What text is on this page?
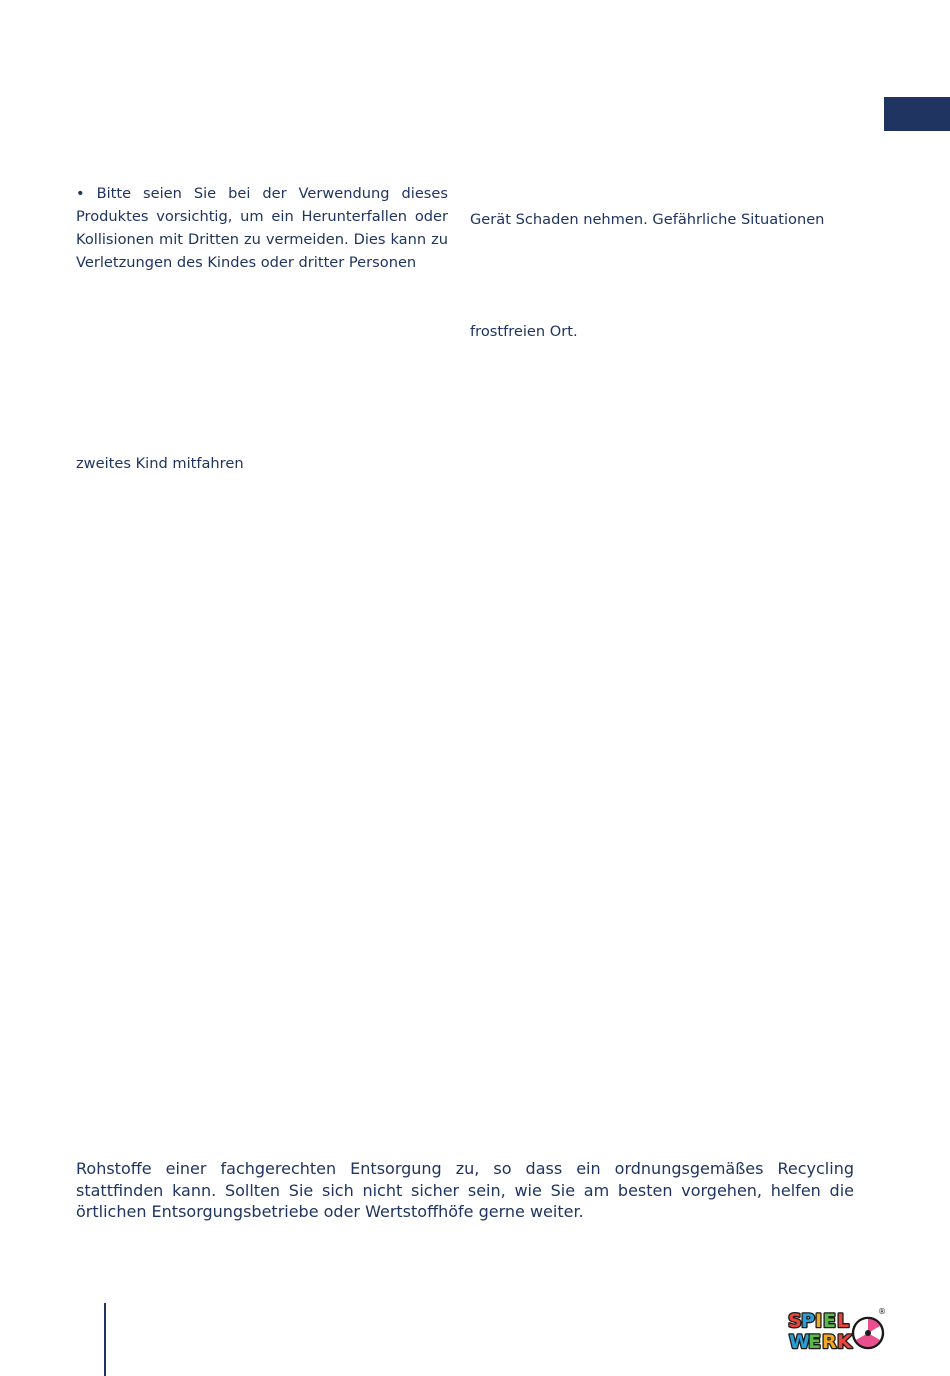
• Bitte seien Sie bei der Verwendung dieses Produktes vorsichtig, um ein Herunterfallen oder Kollisionen mit Dritten zu vermeiden. Dies kann zu Verletzungen des Kindes oder dritter Personen

Gerät Schaden nehmen. Gefährliche Situationen
frostfreien Ort.
zweites Kind mitfahren

Rohstoffe einer fachgerechten Entsorgung zu, so dass ein ordnungsgemäßes Recycling stattfinden kann. Sollten Sie sich nicht sicher sein, wie Sie am besten vorgehen, helfen die örtlichen Entsorgungsbetriebe oder Wertstoffhöfe gerne weiter.

S P I E L
W
E R K
®
